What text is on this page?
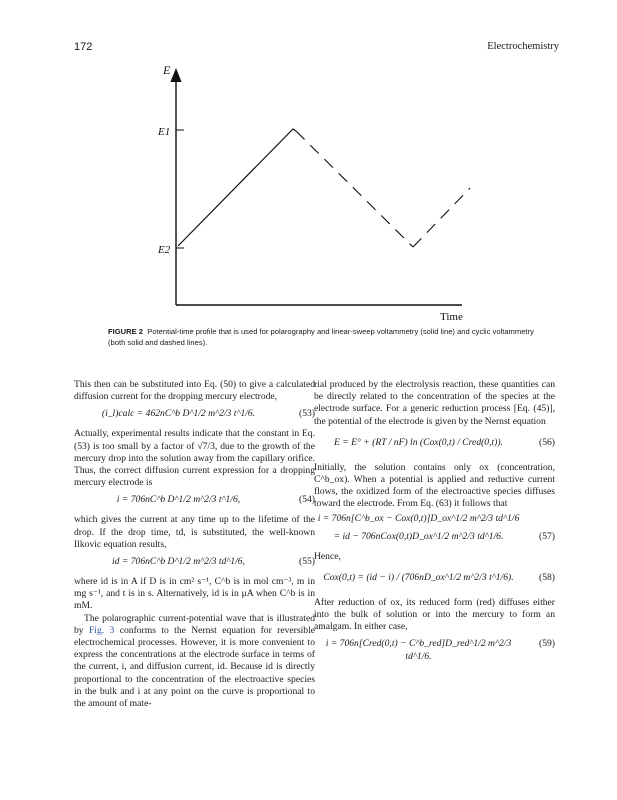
172	Electrochemistry
E
E1
E2
Time
FIGURE 2 Potential-time profile that is used for polarography and linear-sweep voltammetry (solid line) and cyclic voltammetry (both solid and dashed lines).

This then can be substituted into Eq. (50) to give a calculated diffusion current for the dropping mercury electrode,

(i_l)calc = 462nC^b D^1/2 m^2/3 t^1/6.	(53)

Actually, experimental results indicate that the constant in Eq. (53) is too small by a factor of √7/3, due to the growth of the mercury drop into the solution away from the capillary orifice. Thus, the correct diffusion current expression for a dropping mercury electrode is

i = 706nC^b D^1/2 m^2/3 t^1/6,	(54)

which gives the current at any time up to the lifetime of the drop. If the drop time, td, is substituted, the well-known Ilkovic equation results,

id = 706nC^b D^1/2 m^2/3 td^1/6,	(55)

where id is in A if D is in cm² s⁻¹, C^b is in mol cm⁻³, m in mg s⁻¹, and t is in s. Alternatively, id is in μA when C^b is in mM.

The polarographic current-potential wave that is illustrated by Fig. 3 conforms to the Nernst equation for reversible electrochemical processes. However, it is more convenient to express the concentrations at the electrode surface in terms of the current, i, and diffusion current, id. Because id is directly proportional to the concentration of the electroactive species in the bulk and i at any point on the curve is proportional to the amount of mate-

rial produced by the electrolysis reaction, these quantities can be directly related to the concentration of the species at the electrode surface. For a generic reduction process [Eq. (45)], the potential of the electrode is given by the Nernst equation

E = E° + (RT / nF) ln (Cox(0,t) / Cred(0,t)).	(56)

Initially, the solution contains only ox (concentration, C^b_ox). When a potential is applied and reductive current flows, the oxidized form of the electroactive species diffuses toward the electrode. From Eq. (63) it follows that

i = 706n[C^b_ox − Cox(0,t)]D_ox^1/2 m^2/3 td^1/6
= id − 706nCox(0,t)D_ox^1/2 m^2/3 td^1/6.	(57)

Hence,

Cox(0,t) = (id − i) / (706nD_ox^1/2 m^2/3 t^1/6).	(58)

After reduction of ox, its reduced form (red) diffuses either into the bulk of solution or into the mercury to form an amalgam. In either case,

i = 706n[Cred(0,t) − C^b_red]D_red^1/2 m^2/3 td^1/6.
(59)
